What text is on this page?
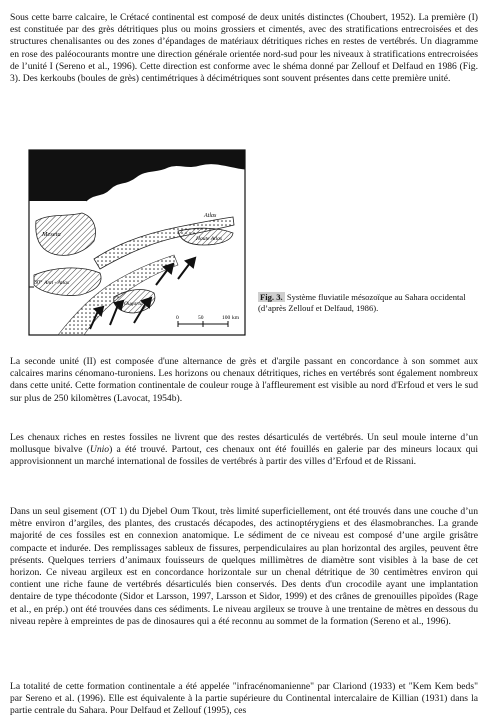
Sous cette barre calcaire, le Crétacé continental est composé de deux unités distinctes (Choubert, 1952). La première (I) est constituée par des grès détritiques plus ou moins grossiers et cimentés, avec des stratifications entrecroisées et des structures chenalisantes ou des zones d’épandages de matériaux détritiques riches en restes de vertébrés. Un diagramme en rose des paléocourants montre une direction générale orientée nord-sud pour les niveaux à stratifications entrecroisées de l’unité I (Sereno et al., 1996). Cette direction est conforme avec le shéma donné par Zellouf et Delfaud en 1986 (Fig. 3). Des kerkoubs (boules de grès) centimétriques à décimétriques sont souvent présentes dans cette première unité.

Meseta
Atlas
Haute Atlas
Anti - Atlas
Ougarta
0	50	100 km
Fig. 3. Système fluviatile mésozoïque au Sahara occidental (d’après Zellouf et Delfaud, 1986).

La seconde unité (II) est composée d'une alternance de grès et d'argile passant en concordance à son sommet aux calcaires marins cénomano-turoniens. Les horizons ou chenaux détritiques, riches en vertébrés sont également nombreux dans cette unité. Cette formation continentale de couleur rouge à l'affleurement est visible au nord d'Erfoud et vers le sud sur plus de 250 kilomètres (Lavocat, 1954b).

Les chenaux riches en restes fossiles ne livrent que des restes désarticulés de vertébrés. Un seul moule interne d’un mollusque bivalve (Unio) a été trouvé. Partout, ces chenaux ont été fouillés en galerie par des mineurs locaux qui approvisionnent un marché international de fossiles de vertébrés à partir des villes d’Erfoud et de Rissani.

Dans un seul gisement (OT 1) du Djebel Oum Tkout, très limité superficiellement, ont été trouvés dans une couche d’un mètre environ d’argiles, des plantes, des crustacés décapodes, des actinoptérygiens et des élasmobranches. La grande majorité de ces fossiles est en connexion anatomique. Le sédiment de ce niveau est composé d’une argile grisâtre compacte et indurée. Des remplissages sableux de fissures, perpendiculaires au plan horizontal des argiles, peuvent être présents. Quelques terriers d’animaux fouisseurs de quelques millimètres de diamètre sont visibles à la base de cet horizon. Ce niveau argileux est en concordance horizontale sur un chenal détritique de 30 centimètres environ qui contient une riche faune de vertébrés désarticulés bien conservés. Des dents d'un crocodile ayant une implantation dentaire de type thécodonte (Sidor et Larsson, 1997, Larsson et Sidor, 1999) et des crânes de grenouilles pipoïdes (Rage et al., en prép.) ont été trouvées dans ces sédiments. Le niveau argileux se trouve à une trentaine de mètres en dessous du niveau repère à empreintes de pas de dinosaures qui a été reconnu au sommet de la formation (Sereno et al., 1996).

La totalité de cette formation continentale a été appelée "infracénomanienne" par Clariond (1933) et "Kem Kem beds" par Sereno et al. (1996). Elle est équivalente à la partie supérieure du Continental intercalaire de Killian (1931) dans la partie centrale du Sahara. Pour Delfaud et Zellouf (1995), ces
